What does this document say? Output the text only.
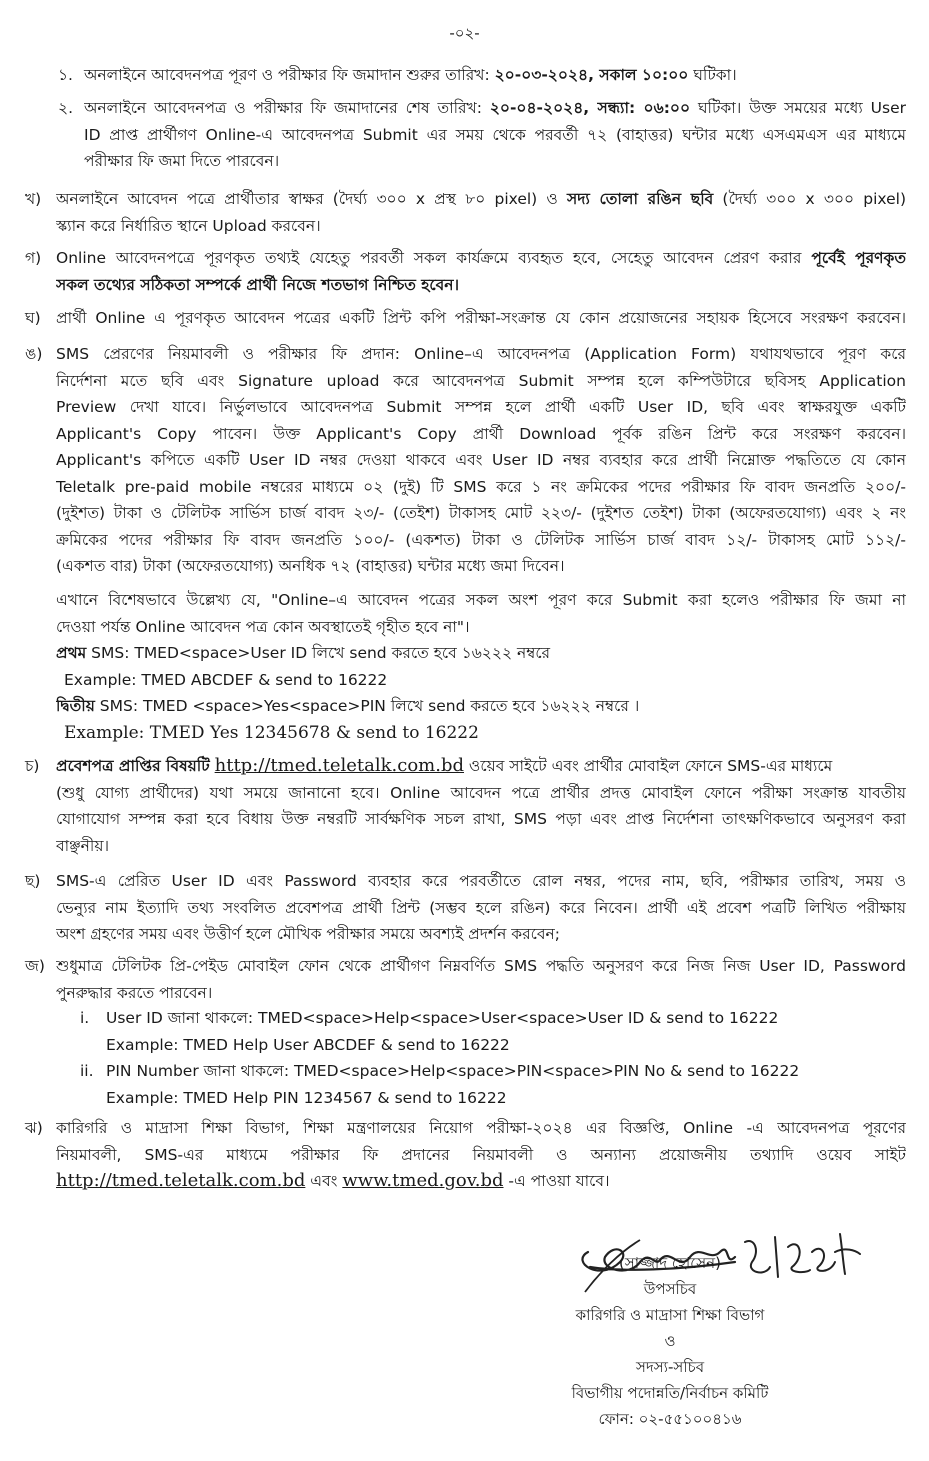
-০২-
১. অনলাইনে আবেদনপত্র পূরণ ও পরীক্ষার ফি জমাদান শুরুর তারিখ: ২০-০৩-২০২৪, সকাল ১০:০০ ঘটিকা।
২. অনলাইনে আবেদনপত্র ও পরীক্ষার ফি জমাদানের শেষ তারিখ: ২০-০৪-২০২৪, সন্ধ্যা: ০৬:০০ ঘটিকা। উক্ত সময়ের মধ্যে User
ID প্রাপ্ত প্রার্থীগণ Online-এ আবেদনপত্র Submit এর সময় থেকে পরবর্তী ৭২ (বাহাত্তর) ঘন্টার মধ্যে এসএমএস এর মাধ্যমে
পরীক্ষার ফি জমা দিতে পারবেন।
খ) অনলাইনে আবেদন পত্রে প্রার্থীতার স্বাক্ষর (দৈর্ঘ্য ৩০০ x প্রস্থ ৮০ pixel) ও সদ্য তোলা রঙিন ছবি (দৈর্ঘ্য ৩০০ x ৩০০ pixel)
স্ক্যান করে নির্ধারিত স্থানে Upload করবেন।
গ) Online আবেদনপত্রে পূরণকৃত তথ্যই যেহেতু পরবর্তী সকল কার্যক্রমে ব্যবহৃত হবে, সেহেতু আবেদন প্রেরণ করার পূর্বেই পূরণকৃত
সকল তথ্যের সঠিকতা সম্পর্কে প্রার্থী নিজে শতভাগ নিশ্চিত হবেন।
ঘ) প্রার্থী Online এ পূরণকৃত আবেদন পত্রের একটি প্রিন্ট কপি পরীক্ষা-সংক্রান্ত যে কোন প্রয়োজনের সহায়ক হিসেবে সংরক্ষণ করবেন।
ঙ) SMS প্রেরণের নিয়মাবলী ও পরীক্ষার ফি প্রদান: Online–এ আবেদনপত্র (Application Form) যথাযথভাবে পূরণ করে
নির্দেশনা মতে ছবি এবং Signature upload করে আবেদনপত্র Submit সম্পন্ন হলে কম্পিউটারে ছবিসহ Application
Preview দেখা যাবে। নির্ভুলভাবে আবেদনপত্র Submit সম্পন্ন হলে প্রার্থী একটি User ID, ছবি এবং স্বাক্ষরযুক্ত একটি
Applicant's Copy পাবেন। উক্ত Applicant's Copy প্রার্থী Download পূর্বক রঙিন প্রিন্ট করে সংরক্ষণ করবেন।
Applicant's কপিতে একটি User ID নম্বর দেওয়া থাকবে এবং User ID নম্বর ব্যবহার করে প্রার্থী নিম্নোক্ত পদ্ধতিতে যে কোন
Teletalk pre-paid mobile নম্বরের মাধ্যমে ০২ (দুই) টি SMS করে ১ নং ক্রমিকের পদের পরীক্ষার ফি বাবদ জনপ্রতি ২০০/-
(দুইশত) টাকা ও টেলিটক সার্ভিস চার্জ বাবদ ২৩/- (তেইশ) টাকাসহ মোট ২২৩/- (দুইশত তেইশ) টাকা (অফেরতযোগ্য) এবং ২ নং
ক্রমিকের পদের পরীক্ষার ফি বাবদ জনপ্রতি ১০০/- (একশত) টাকা ও টেলিটক সার্ভিস চার্জ বাবদ ১২/- টাকাসহ মোট ১১২/-
(একশত বার) টাকা (অফেরতযোগ্য) অনধিক ৭২ (বাহাত্তর) ঘন্টার মধ্যে জমা দিবেন।
এখানে বিশেষভাবে উল্লেখ্য যে, "Online–এ আবেদন পত্রের সকল অংশ পূরণ করে Submit করা হলেও পরীক্ষার ফি জমা না
দেওয়া পর্যন্ত Online আবেদন পত্র কোন অবস্থাতেই গৃহীত হবে না"।
প্রথম SMS: TMED<space>User ID লিখে send করতে হবে ১৬২২২ নম্বরে
Example: TMED ABCDEF & send to 16222
দ্বিতীয় SMS: TMED <space>Yes<space>PIN লিখে send করতে হবে ১৬২২২ নম্বরে ।
Example: TMED Yes 12345678 & send to 16222
চ)	প্রবেশপত্র প্রাপ্তির বিষয়টি http://tmed.teletalk.com.bd ওয়েব সাইটে এবং প্রার্থীর মোবাইল ফোনে SMS-এর মাধ্যমে
(শুধু যোগ্য প্রার্থীদের) যথা সময়ে জানানো হবে। Online আবেদন পত্রে প্রার্থীর প্রদত্ত মোবাইল ফোনে পরীক্ষা সংক্রান্ত যাবতীয়
যোগাযোগ সম্পন্ন করা হবে বিধায় উক্ত নম্বরটি সার্বক্ষণিক সচল রাখা, SMS পড়া এবং প্রাপ্ত নির্দেশনা তাৎক্ষণিকভাবে অনুসরণ করা
বাঞ্ছনীয়।
ছ)	SMS-এ প্রেরিত User ID এবং Password ব্যবহার করে পরবর্তীতে রোল নম্বর, পদের নাম, ছবি, পরীক্ষার তারিখ, সময় ও
ভেন্যুর নাম ইত্যাদি তথ্য সংবলিত প্রবেশপত্র প্রার্থী প্রিন্ট (সম্ভব হলে রঙিন) করে নিবেন। প্রার্থী এই প্রবেশ পত্রটি লিখিত পরীক্ষায়
অংশ গ্রহণের সময় এবং উত্তীর্ণ হলে মৌখিক পরীক্ষার সময়ে অবশ্যই প্রদর্শন করবেন;
জ) শুধুমাত্র টেলিটক প্রি-পেইড মোবাইল ফোন থেকে প্রার্থীগণ নিম্নবর্ণিত SMS পদ্ধতি অনুসরণ করে নিজ নিজ User ID, Password
পুনরুদ্ধার করতে পারবেন।
i. User ID জানা থাকলে: TMED<space>Help<space>User<space>User ID & send to 16222
Example: TMED Help User ABCDEF & send to 16222
ii. PIN Number জানা থাকলে: TMED<space>Help<space>PIN<space>PIN No & send to 16222
Example: TMED Help PIN 1234567 & send to 16222
ঝ) কারিগরি ও মাদ্রাসা শিক্ষা বিভাগ, শিক্ষা মন্ত্রণালয়ের নিয়োগ পরীক্ষা-২০২৪ এর বিজ্ঞপ্তি, Online -এ আবেদনপত্র পূরণের
নিয়মাবলী, SMS-এর মাধ্যমে পরীক্ষার ফি প্রদানের নিয়মাবলী ও অন্যান্য প্রয়োজনীয় তথ্যাদি ওয়েব সাইট
http://tmed.teletalk.com.bd এবং www.tmed.gov.bd -এ পাওয়া যাবে।
(সাজ্জাদ হোসেন)
উপসচিব
কারিগরি ও মাদ্রাসা শিক্ষা বিভাগ
ও
সদস্য-সচিব
বিভাগীয় পদোন্নতি/নির্বাচন কমিটি
ফোন: ০২-৫৫১০০৪১৬
